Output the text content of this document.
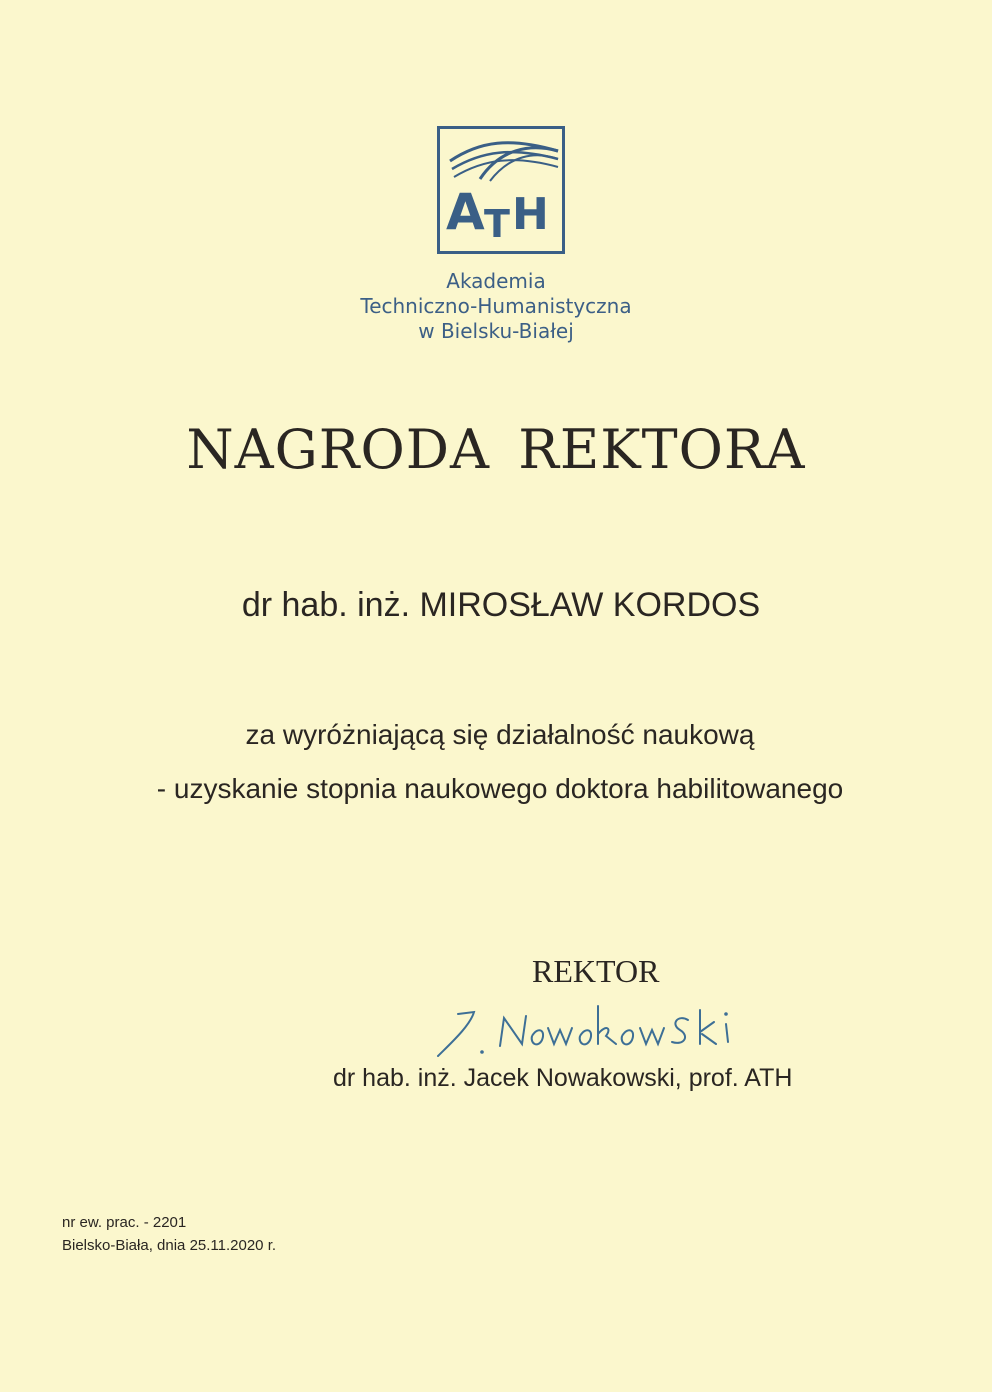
A T H
Akademia
Techniczno-Humanistyczna
w Bielsku-Białej
NAGRODA REKTORA
dr hab. inż. MIROSŁAW KORDOS
za wyróżniającą się działalność naukową
- uzyskanie stopnia naukowego doktora habilitowanego
REKTOR
dr hab. inż. Jacek Nowakowski, prof. ATH
nr ew. prac. - 2201
Bielsko-Biała, dnia 25.11.2020 r.
